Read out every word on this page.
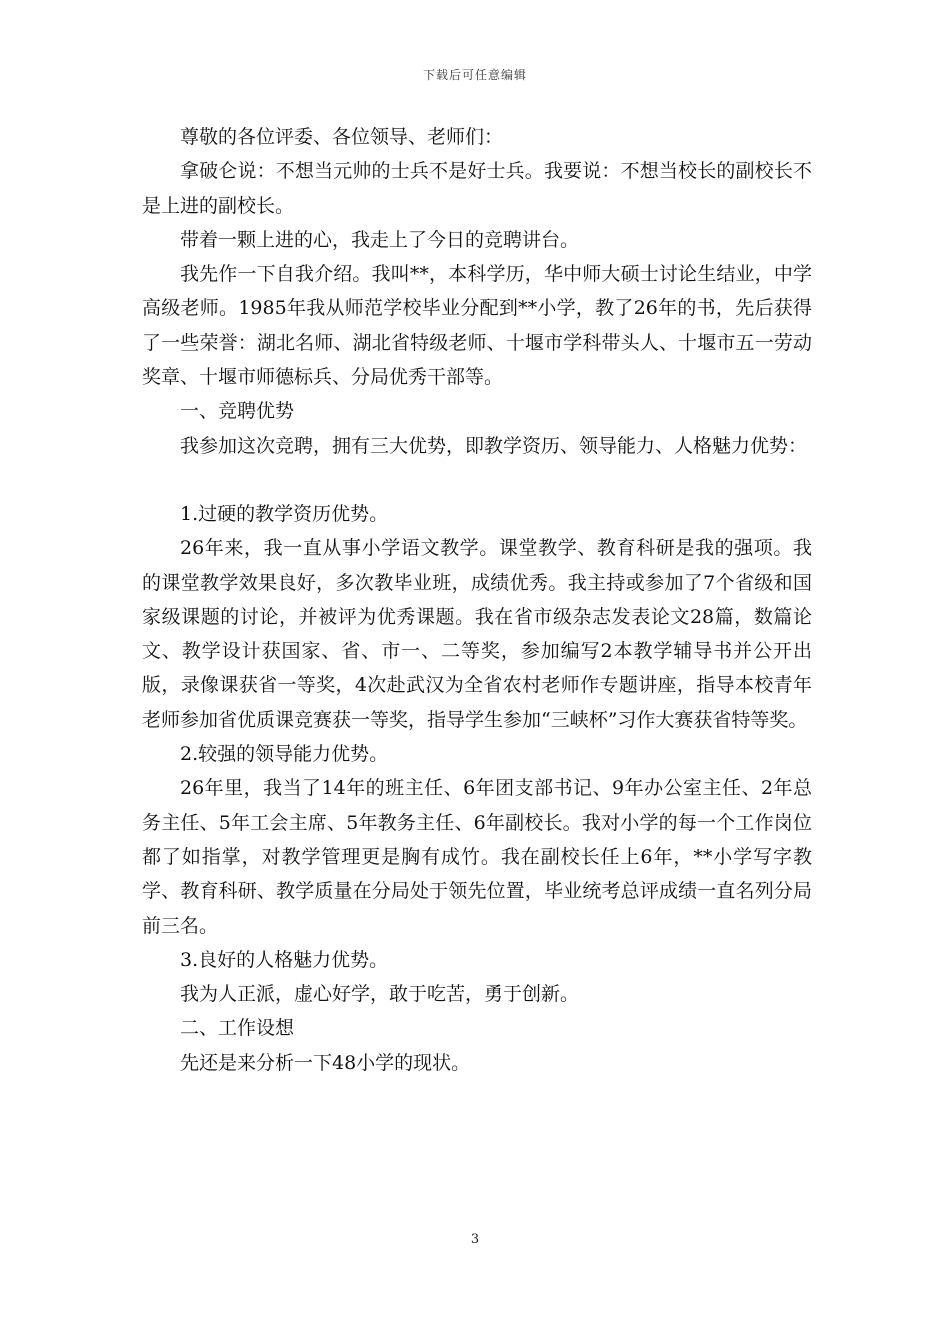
下载后可任意编辑

尊敬的各位评委、各位领导、老师们：

拿破仑说：不想当元帅的士兵不是好士兵。我要说：不想当校长的副校长不是上进的副校长。

带着一颗上进的心，我走上了今日的竞聘讲台。

我先作一下自我介绍。我叫**，本科学历，华中师大硕士讨论生结业，中学高级老师。1985年我从师范学校毕业分配到**小学，教了26年的书，先后获得了一些荣誉：湖北名师、湖北省特级老师、十堰市学科带头人、十堰市五一劳动奖章、十堰市师德标兵、分局优秀干部等。

一、竞聘优势

我参加这次竞聘，拥有三大优势，即教学资历、领导能力、人格魅力优势：

1.过硬的教学资历优势。

26年来，我一直从事小学语文教学。课堂教学、教育科研是我的强项。我的课堂教学效果良好，多次教毕业班，成绩优秀。我主持或参加了7个省级和国家级课题的讨论，并被评为优秀课题。我在省市级杂志发表论文28篇，数篇论文、教学设计获国家、省、市一、二等奖，参加编写2本教学辅导书并公开出版，录像课获省一等奖，4次赴武汉为全省农村老师作专题讲座，指导本校青年老师参加省优质课竞赛获一等奖，指导学生参加“三峡杯”习作大赛获省特等奖。

2.较强的领导能力优势。

26年里，我当了14年的班主任、6年团支部书记、9年办公室主任、2年总务主任、5年工会主席、5年教务主任、6年副校长。我对小学的每一个工作岗位都了如指掌，对教学管理更是胸有成竹。我在副校长任上6年，**小学写字教学、教育科研、教学质量在分局处于领先位置，毕业统考总评成绩一直名列分局前三名。

3.良好的人格魅力优势。

我为人正派，虚心好学，敢于吃苦，勇于创新。

二、工作设想

先还是来分析一下48小学的现状。

3
